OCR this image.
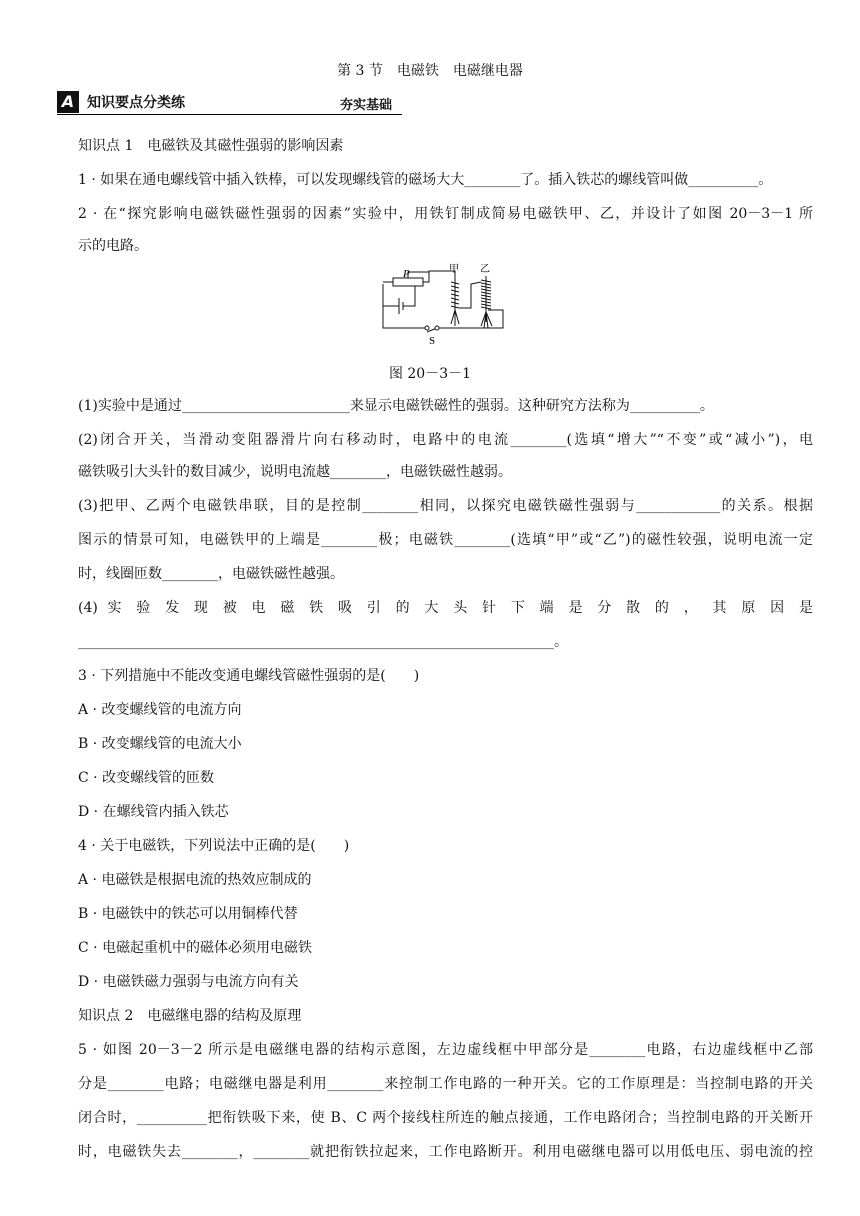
第 3 节　电磁铁　电磁继电器
A 知识要点分类练	夯实基础
知识点 1　电磁铁及其磁性强弱的影响因素
1 · 如果在通电螺线管中插入铁棒，可以发现螺线管的磁场大大________了。插入铁芯的螺线管叫做__________。
2 · 在“探究影响电磁铁磁性强弱的因素”实验中，用铁钉制成简易电磁铁甲、乙，并设计了如图 20－3－1 所
示的电路。
P	甲 乙
S
图 20－3－1
(1)实验中是通过________________________来显示电磁铁磁性的强弱。这种研究方法称为__________。
(2)闭合开关，当滑动变阻器滑片向右移动时，电路中的电流________(选填“增大”“不变”或“减小”)，电
磁铁吸引大头针的数目减少，说明电流越________，电磁铁磁性越弱。
(3)把甲、乙两个电磁铁串联，目的是控制________相同，以探究电磁铁磁性强弱与____________的关系。根据
图示的情景可知，电磁铁甲的上端是________极；电磁铁________(选填“甲”或“乙”)的磁性较强，说明电流一定
时，线圈匝数________，电磁铁磁性越强。
(4) 实 验 发 现 被 电 磁 铁 吸 引 的 大 头 针 下 端 是 分 散 的 ， 其 原 因 是
____________________________________________________________________。
3 · 下列措施中不能改变通电螺线管磁性强弱的是(　　)
A · 改变螺线管的电流方向
B · 改变螺线管的电流大小
C · 改变螺线管的匝数
D · 在螺线管内插入铁芯
4 · 关于电磁铁，下列说法中正确的是(　　)
A · 电磁铁是根据电流的热效应制成的
B · 电磁铁中的铁芯可以用铜棒代替
C · 电磁起重机中的磁体必须用电磁铁
D · 电磁铁磁力强弱与电流方向有关
知识点 2　电磁继电器的结构及原理
5 · 如图 20－3－2 所示是电磁继电器的结构示意图，左边虚线框中甲部分是________电路，右边虚线框中乙部
分是________电路；电磁继电器是利用________来控制工作电路的一种开关。它的工作原理是：当控制电路的开关
闭合时，__________把衔铁吸下来，使 B、C 两个接线柱所连的触点接通，工作电路闭合；当控制电路的开关断开
时，电磁铁失去________，________就把衔铁拉起来，工作电路断开。利用电磁继电器可以用低电压、弱电流的控
